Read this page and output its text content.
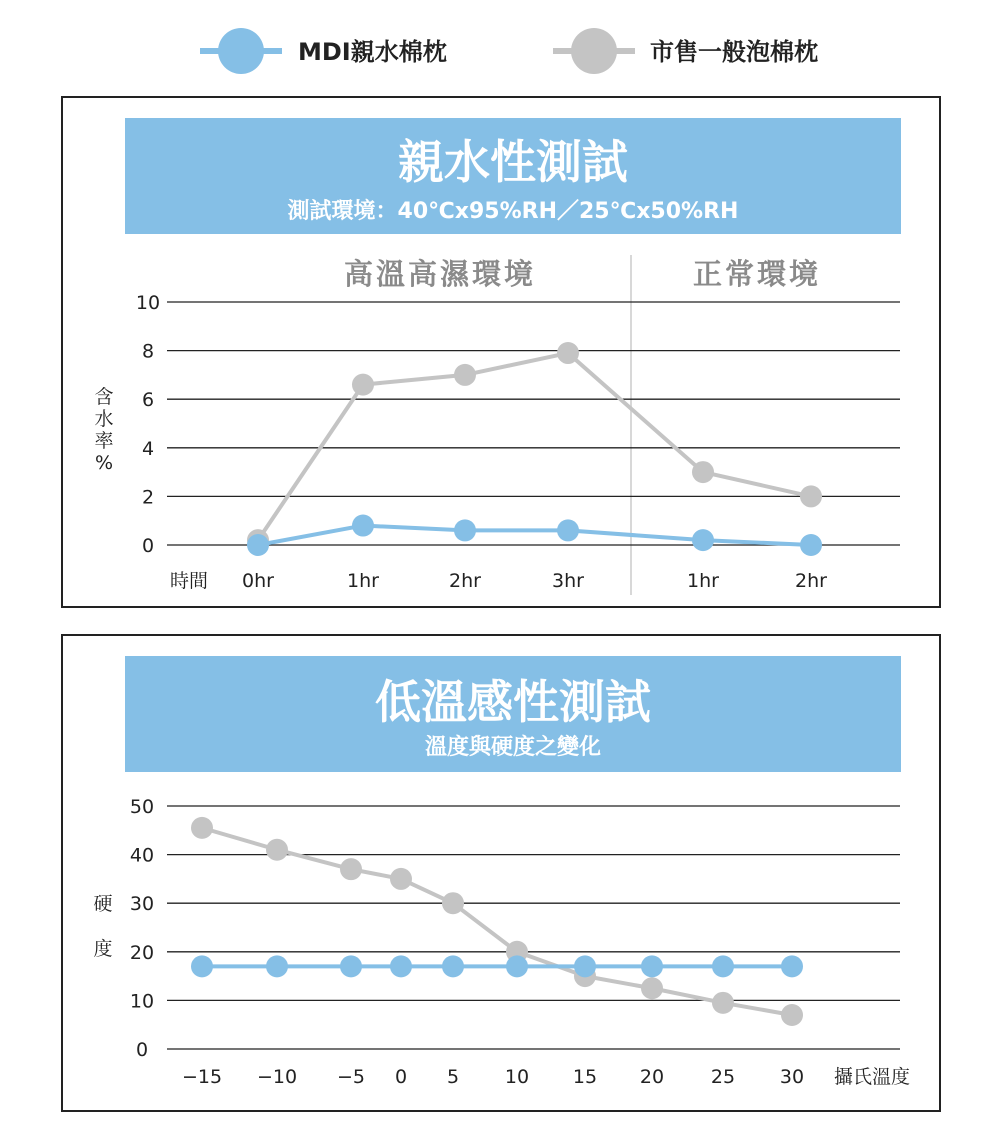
MDI親水棉枕	市售一般泡棉枕
親水性測試
測試環境：40℃x95%RH／25℃x50%RH
高溫高濕環境	正常環境
含
水
率
%
時間
0
2
4
6
8
10
0hr	1hr	2hr	3hr	1hr	2hr
低溫感性測試
溫度與硬度之變化
硬
度
攝氏溫度
0
10
20
30
40
50
−15 −10 −5 0 5 10 15 20 25 30
